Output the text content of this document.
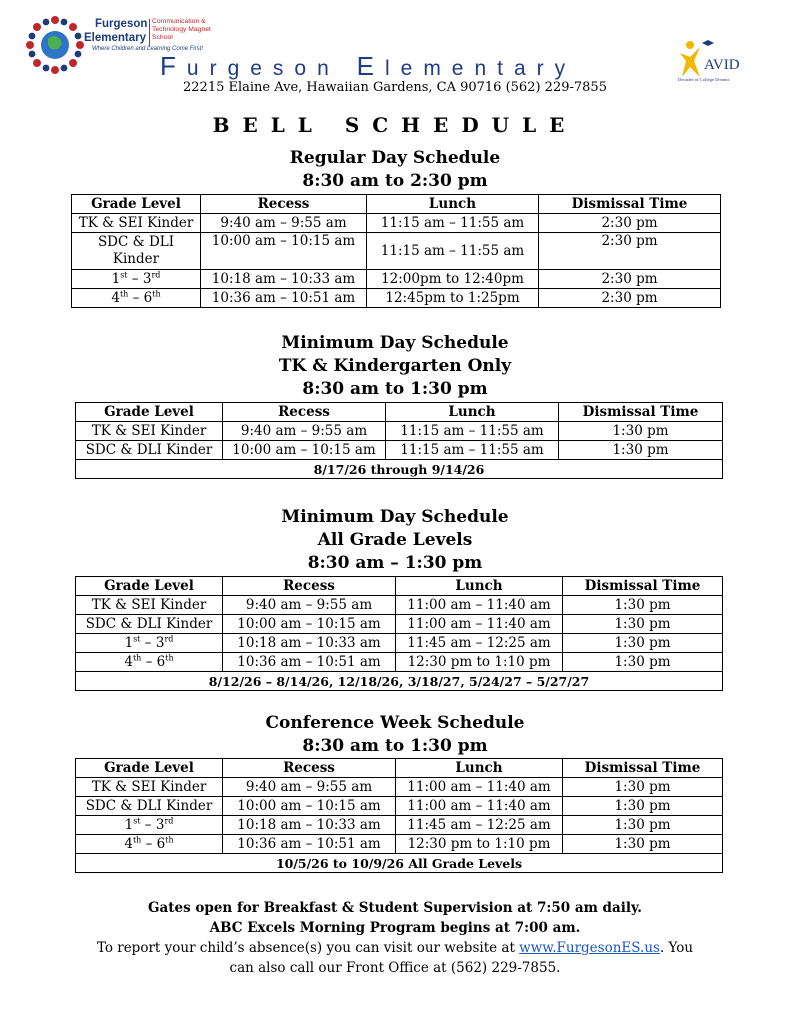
Furgeson
Elementary
Communication & Technology Magnet School
Where Children and Learning Come First!
Furgeson Elementary	AVID
Decades of College Dreams
22215 Elaine Ave, Hawaiian Gardens, CA 90716 (562) 229-7855
BELL SCHEDULE
Regular Day Schedule
8:30 am to 2:30 pm
Grade Level	Recess	Lunch	Dismissal Time
TK & SEI Kinder	9:40 am – 9:55 am	11:15 am – 11:55 am	2:30 pm
SDC & DLI Kinder	10:00 am – 10:15 am	11:15 am – 11:55 am	2:30 pm
1st – 3rd	10:18 am – 10:33 am	12:00pm to 12:40pm	2:30 pm
4th – 6th	10:36 am – 10:51 am	12:45pm to 1:25pm	2:30 pm
Minimum Day Schedule
TK & Kindergarten Only
8:30 am to 1:30 pm
Grade Level	Recess	Lunch	Dismissal Time
TK & SEI Kinder	9:40 am – 9:55 am	11:15 am – 11:55 am	1:30 pm
SDC & DLI Kinder	10:00 am – 10:15 am	11:15 am – 11:55 am	1:30 pm
8/17/26 through 9/14/26			
Minimum Day Schedule
All Grade Levels
8:30 am – 1:30 pm
Grade Level	Recess	Lunch	Dismissal Time
TK & SEI Kinder	9:40 am – 9:55 am	11:00 am – 11:40 am	1:30 pm
SDC & DLI Kinder	10:00 am – 10:15 am	11:00 am – 11:40 am	1:30 pm
1st – 3rd	10:18 am – 10:33 am	11:45 am – 12:25 am	1:30 pm
4th – 6th	10:36 am – 10:51 am	12:30 pm to 1:10 pm	1:30 pm
8/12/26 – 8/14/26, 12/18/26, 3/18/27, 5/24/27 – 5/27/27			
Conference Week Schedule
8:30 am to 1:30 pm
Grade Level	Recess	Lunch	Dismissal Time
TK & SEI Kinder	9:40 am – 9:55 am	11:00 am – 11:40 am	1:30 pm
SDC & DLI Kinder	10:00 am – 10:15 am	11:00 am – 11:40 am	1:30 pm
1st – 3rd	10:18 am – 10:33 am	11:45 am – 12:25 am	1:30 pm
4th – 6th	10:36 am – 10:51 am	12:30 pm to 1:10 pm	1:30 pm
10/5/26 to 10/9/26 All Grade Levels			
Gates open for Breakfast & Student Supervision at 7:50 am daily.
ABC Excels Morning Program begins at 7:00 am.
To report your child’s absence(s) you can visit our website at www.FurgesonES.us. You
can also call our Front Office at (562) 229-7855.
